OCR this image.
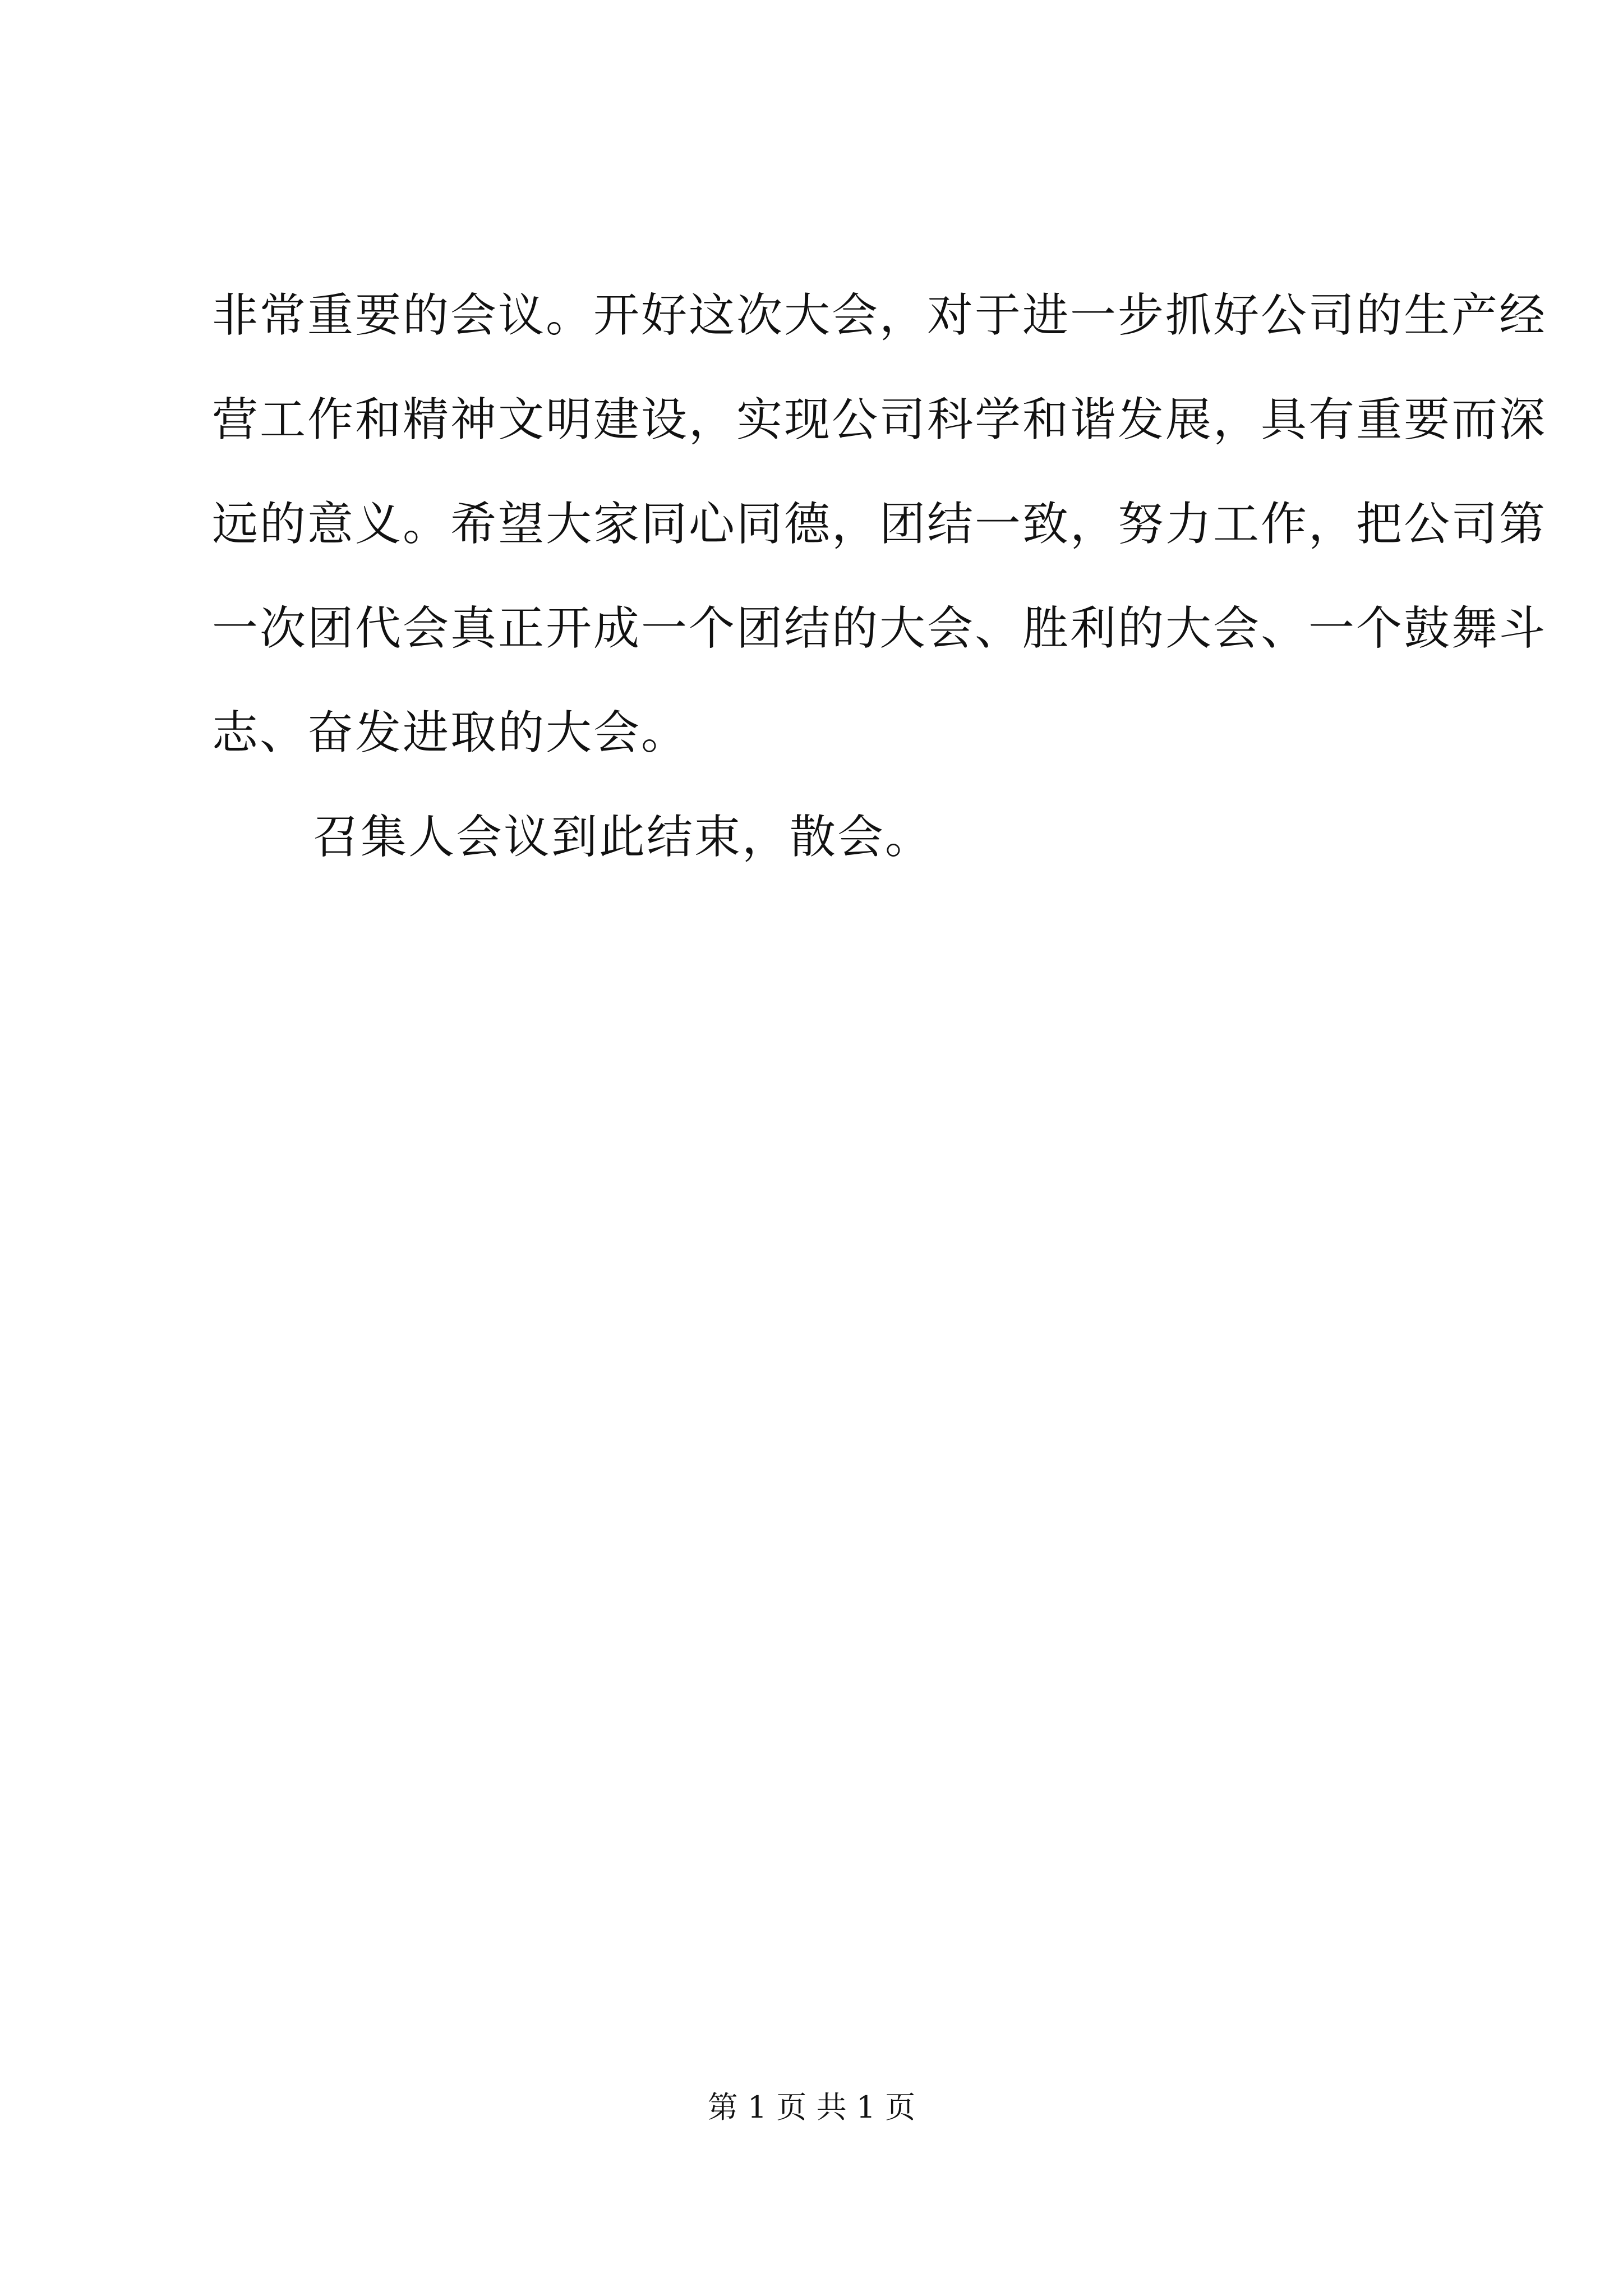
非常重要的会议。开好这次大会，对于进一步抓好公司的生产经
营工作和精神文明建设，实现公司科学和谐发展，具有重要而深
远的意义。希望大家同心同德，团结一致，努力工作，把公司第
一次团代会真正开成一个团结的大会、胜利的大会、一个鼓舞斗
志、奋发进取的大会。
召集人会议到此结束，散会。
第 1 页 共 1 页
